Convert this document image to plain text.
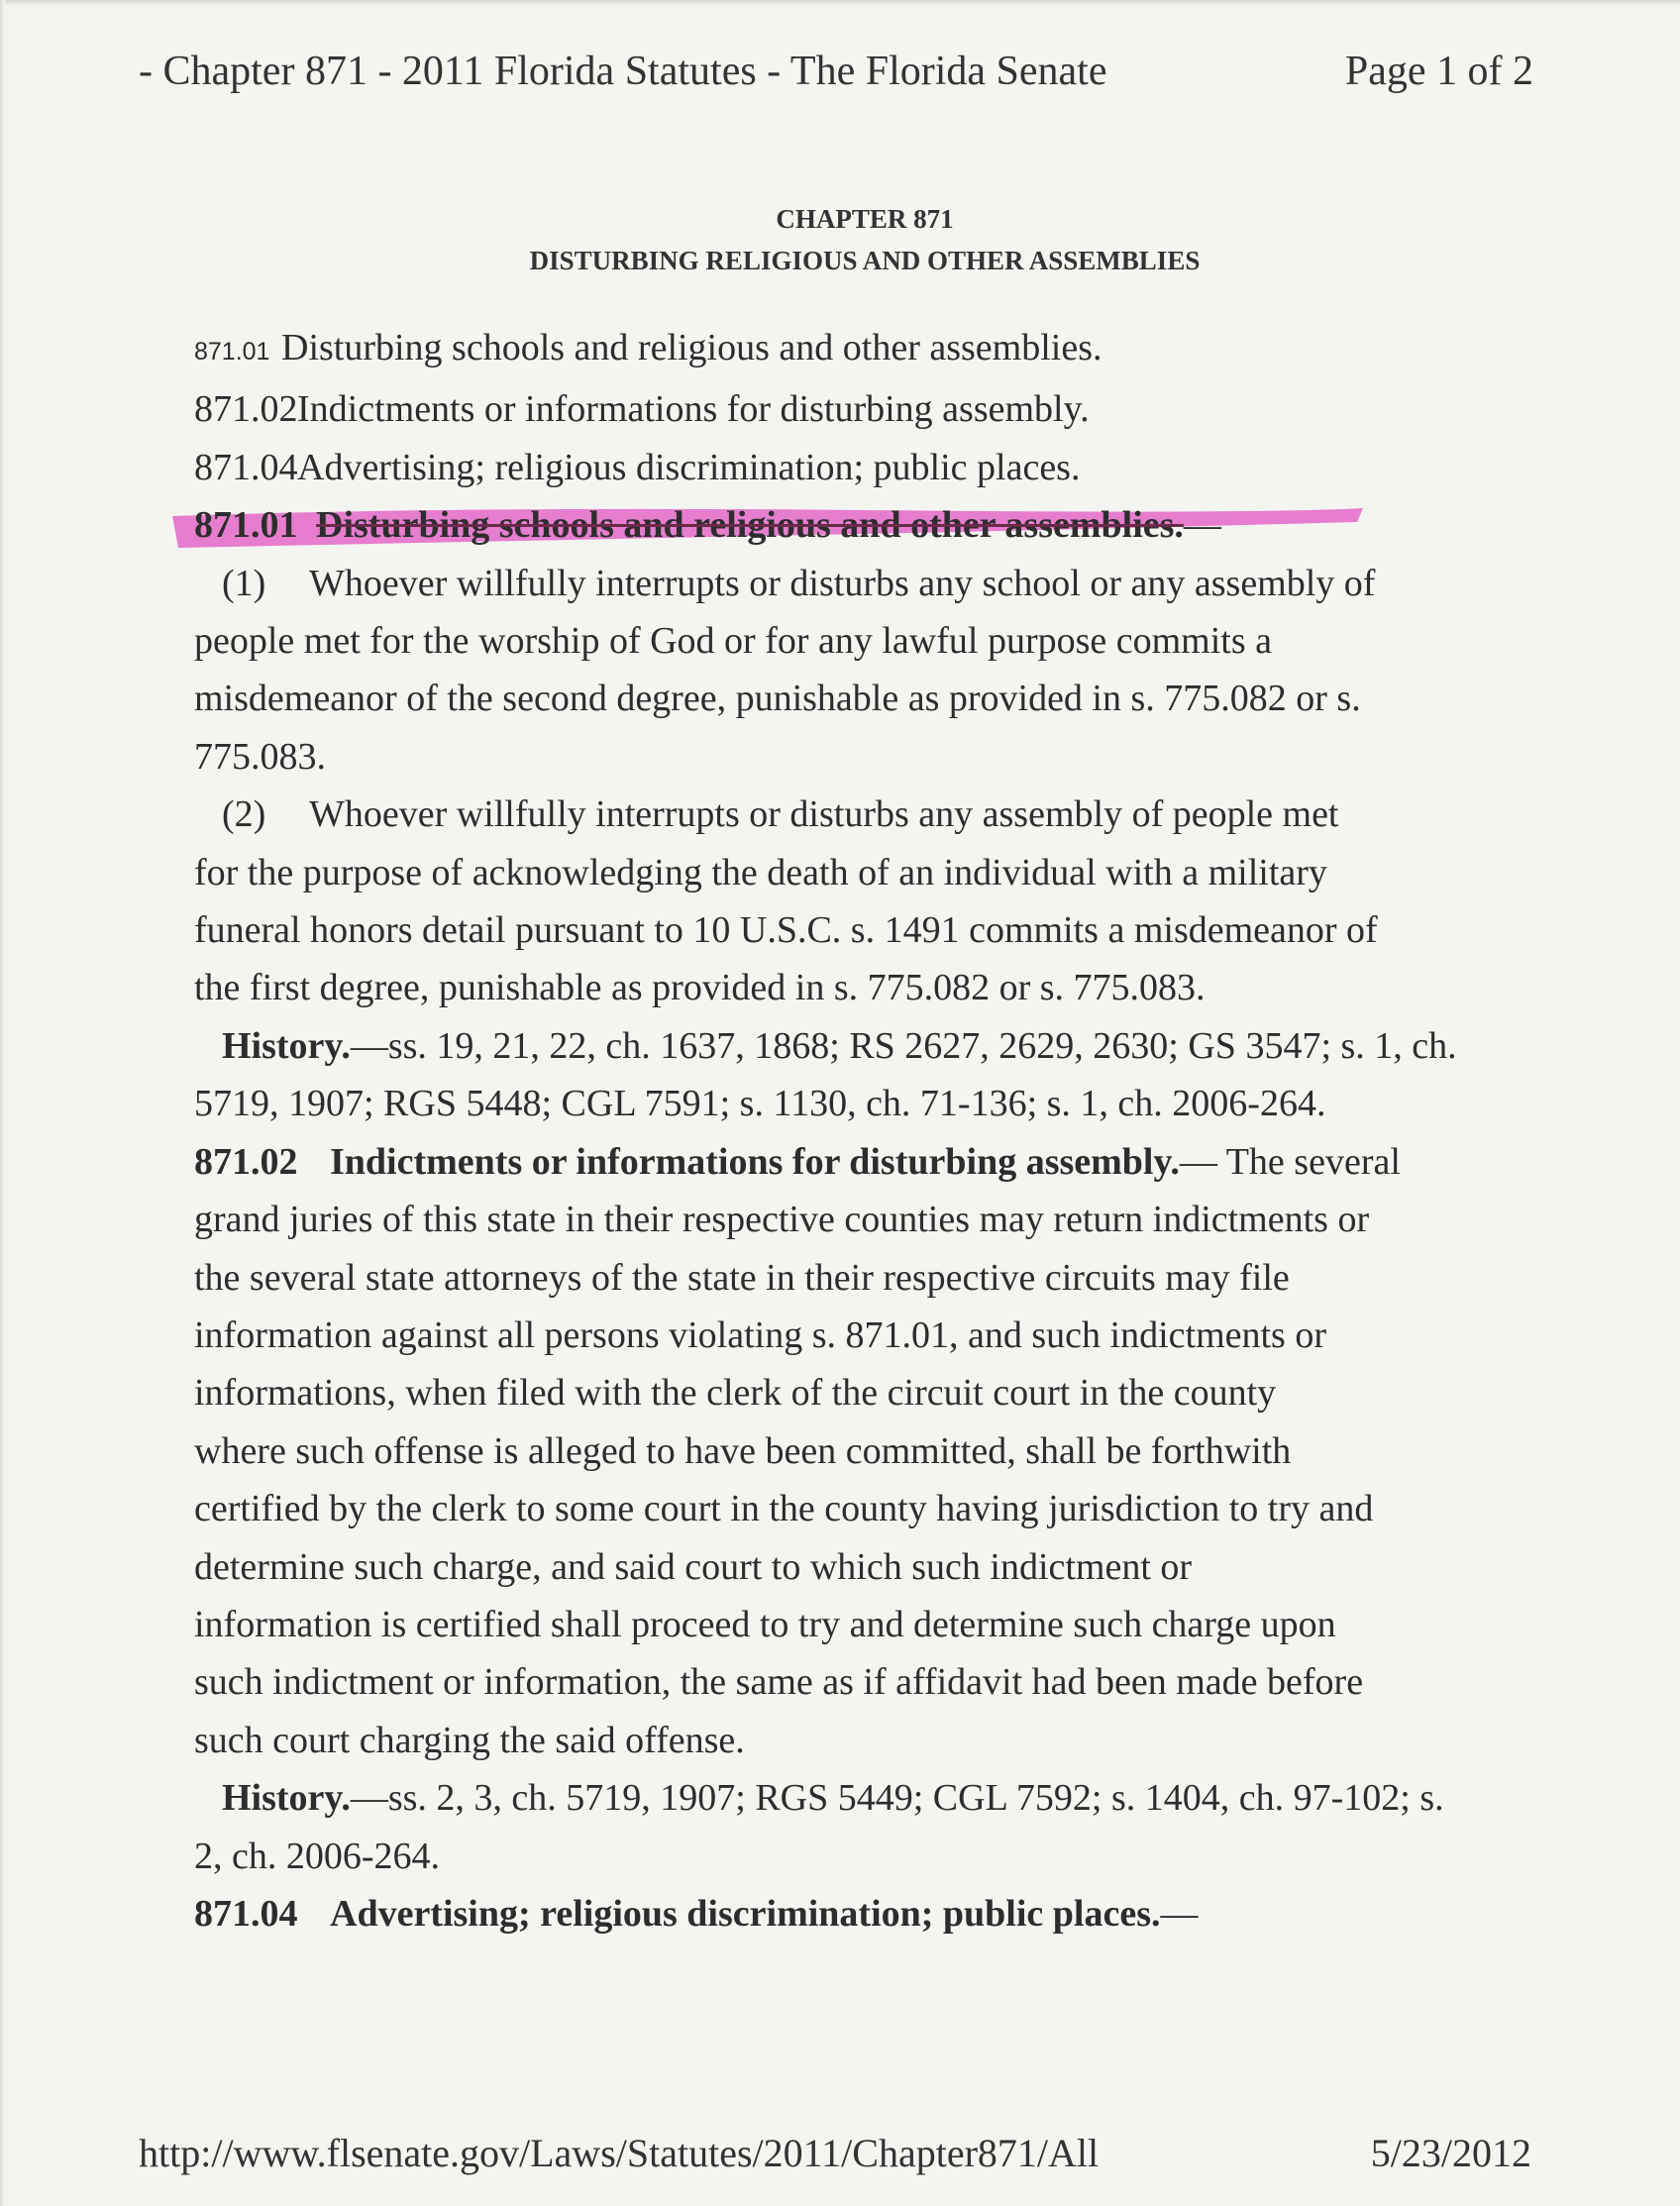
- Chapter 871 - 2011 Florida Statutes - The Florida Senate	Page 1 of 2
CHAPTER 871
DISTURBING RELIGIOUS AND OTHER ASSEMBLIES
871.01 Disturbing schools and religious and other assemblies.
871.02Indictments or informations for disturbing assembly.
871.04Advertising; religious discrimination; public places.
871.01 Disturbing schools and religious and other assemblies.—
(1) Whoever willfully interrupts or disturbs any school or any assembly of
people met for the worship of God or for any lawful purpose commits a
misdemeanor of the second degree, punishable as provided in s. 775.082 or s.
775.083.
(2) Whoever willfully interrupts or disturbs any assembly of people met
for the purpose of acknowledging the death of an individual with a military
funeral honors detail pursuant to 10 U.S.C. s. 1491 commits a misdemeanor of
the first degree, punishable as provided in s. 775.082 or s. 775.083.
History.—ss. 19, 21, 22, ch. 1637, 1868; RS 2627, 2629, 2630; GS 3547; s. 1, ch.
5719, 1907; RGS 5448; CGL 7591; s. 1130, ch. 71-136; s. 1, ch. 2006-264.
871.02 Indictments or informations for disturbing assembly.— The several
grand juries of this state in their respective counties may return indictments or
the several state attorneys of the state in their respective circuits may file
information against all persons violating s. 871.01, and such indictments or
informations, when filed with the clerk of the circuit court in the county
where such offense is alleged to have been committed, shall be forthwith
certified by the clerk to some court in the county having jurisdiction to try and
determine such charge, and said court to which such indictment or
information is certified shall proceed to try and determine such charge upon
such indictment or information, the same as if affidavit had been made before
such court charging the said offense.
History.—ss. 2, 3, ch. 5719, 1907; RGS 5449; CGL 7592; s. 1404, ch. 97-102; s.
2, ch. 2006-264.
871.04 Advertising; religious discrimination; public places.—
http://www.flsenate.gov/Laws/Statutes/2011/Chapter871/All	5/23/2012
